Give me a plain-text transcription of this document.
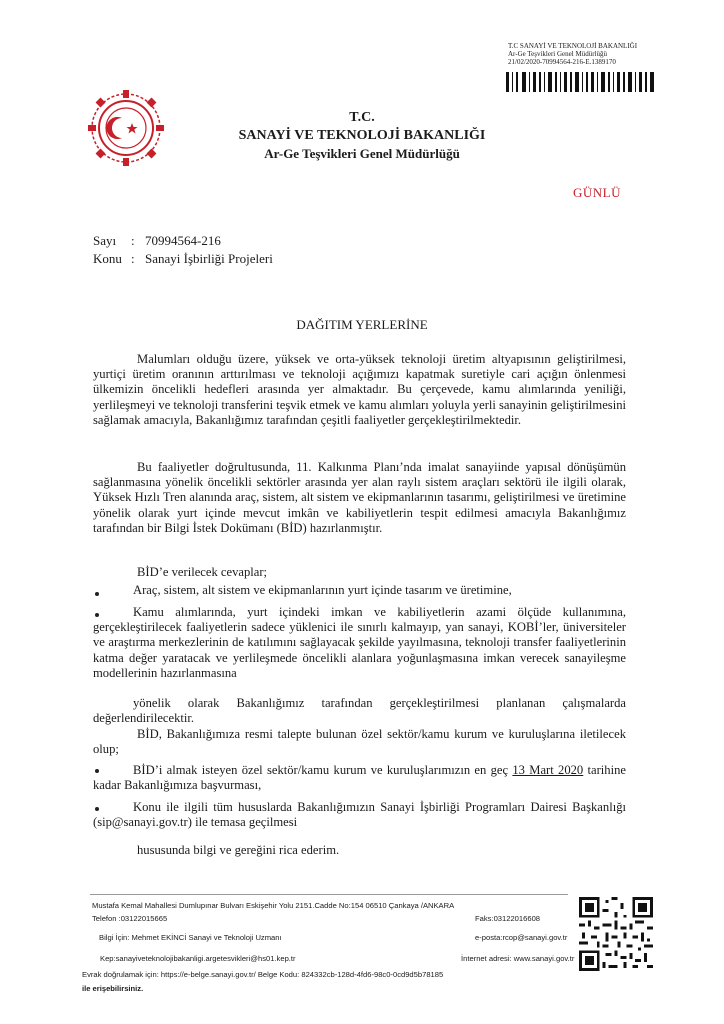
T.C SANAYİ VE TEKNOLOJİ BAKANLIĞI
Ar-Ge Teşvikleri Genel Müdürlüğü
21/02/2020-70994564-216-E.1389170
T.C.
SANAYİ VE TEKNOLOJİ BAKANLIĞI
Ar-Ge Teşvikleri Genel Müdürlüğü
GÜNLÜ
Sayı : 70994564-216
Konu : Sanayi İşbirliği Projeleri
DAĞITIM YERLERİNE
Malumları olduğu üzere, yüksek ve orta-yüksek teknoloji üretim altyapısının geliştirilmesi, yurtiçi üretim oranının arttırılması ve teknoloji açığımızı kapatmak suretiyle cari açığın önlenmesi ülkemizin öncelikli hedefleri arasında yer almaktadır. Bu çerçevede, kamu alımlarında yeniliği, yerlileşmeyi ve teknoloji transferini teşvik etmek ve kamu alımları yoluyla yerli sanayinin geliştirilmesini sağlamak amacıyla, Bakanlığımız tarafından çeşitli faaliyetler gerçekleştirilmektedir.
Bu faaliyetler doğrultusunda, 11. Kalkınma Planı’nda imalat sanayiinde yapısal dönüşümün sağlanmasına yönelik öncelikli sektörler arasında yer alan raylı sistem araçları sektörü ile ilgili olarak, Yüksek Hızlı Tren alanında araç, sistem, alt sistem ve ekipmanlarının tasarımı, geliştirilmesi ve üretimine yönelik olarak yurt içinde mevcut imkân ve kabiliyetlerin tespit edilmesi amacıyla Bakanlığımız tarafından bir Bilgi İstek Dokümanı (BİD) hazırlanmıştır.
BİD’e verilecek cevaplar;
Araç, sistem, alt sistem ve ekipmanlarının yurt içinde tasarım ve üretimine,
Kamu alımlarında, yurt içindeki imkan ve kabiliyetlerin azami ölçüde kullanımına, gerçekleştirilecek faaliyetlerin sadece yüklenici ile sınırlı kalmayıp, yan sanayi, KOBİ’ler, üniversiteler ve araştırma merkezlerinin de katılımını sağlayacak şekilde yayılmasına, teknoloji transfer faaliyetlerinin katma değer yaratacak ve yerlileşmede öncelikli alanlara yoğunlaşmasına imkan verecek sanayileşme modellerinin hazırlanmasına
yönelik olarak Bakanlığımız tarafından gerçekleştirilmesi planlanan çalışmalarda değerlendirilecektir.
BİD, Bakanlığımıza resmi talepte bulunan özel sektör/kamu kurum ve kuruluşlarına iletilecek olup;
BİD’i almak isteyen özel sektör/kamu kurum ve kuruluşlarımızın en geç 13 Mart 2020 tarihine kadar Bakanlığımıza başvurması,
Konu ile ilgili tüm hususlarda Bakanlığımızın Sanayi İşbirliği Programları Dairesi Başkanlığı (sip@sanayi.gov.tr) ile temasa geçilmesi
hususunda bilgi ve gereğini rica ederim.
Mustafa Kemal Mahallesi Dumlupınar Bulvarı Eskişehir Yolu 2151.Cadde No:154 06510 Çankaya /ANKARA
Telefon :03122015665	Faks:03122016608
Bilgi İçin: Mehmet EKİNCİ Sanayi ve Teknoloji Uzmanı	e-posta:rcop@sanayi.gov.tr
Kep:sanayiveteknolojibakanligi.argetesvikleri@hs01.kep.tr	İnternet adresi: www.sanayi.gov.tr
Evrak doğrulamak için: https://e-belge.sanayi.gov.tr/ Belge Kodu: 824332cb-128d-4fd6-98c0-0cd9d5b78185
ile erişebilirsiniz.
